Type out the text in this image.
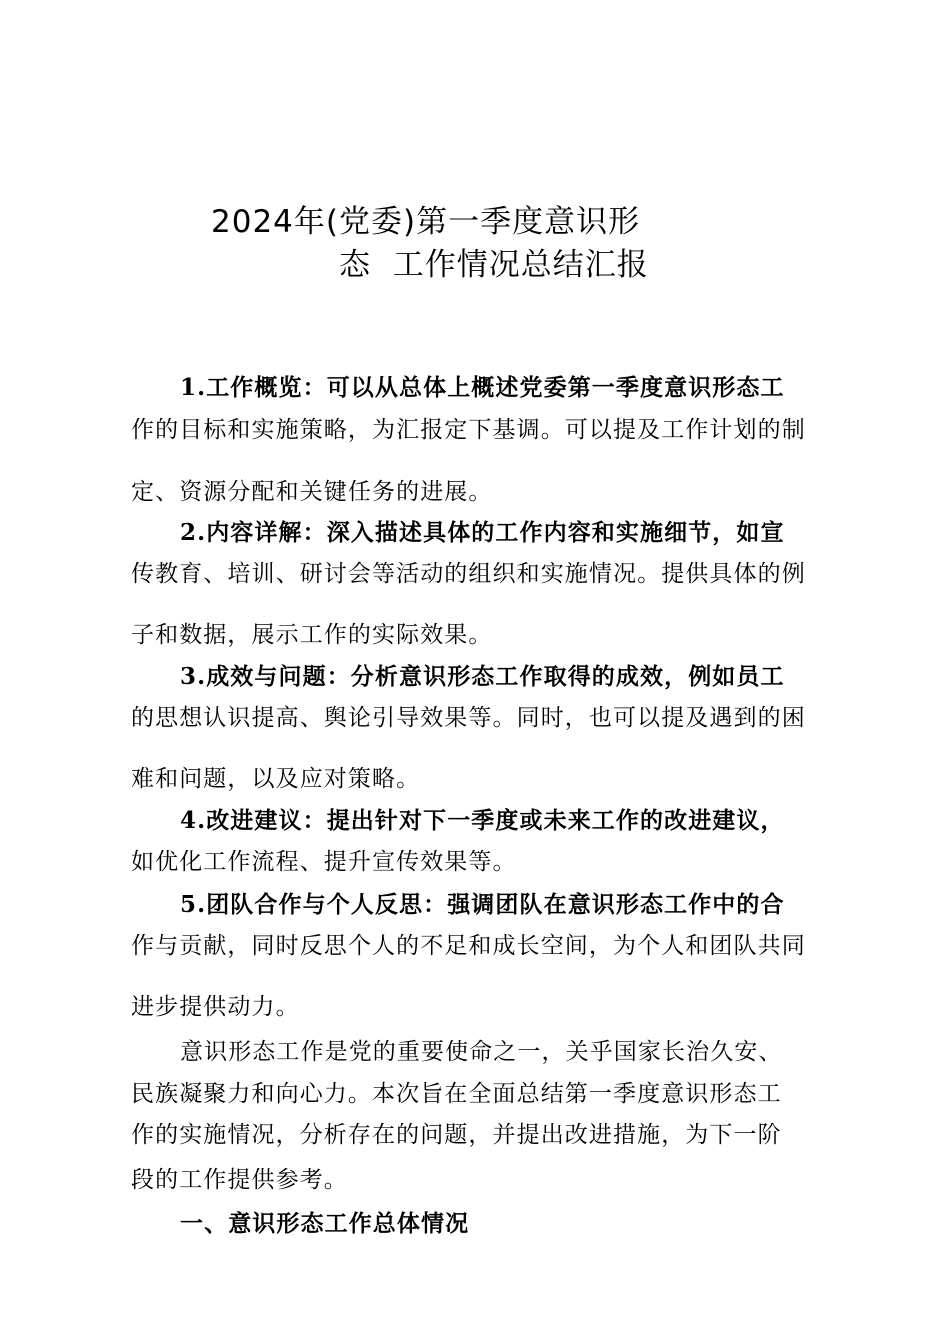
2024年(党委)第一季度意识形
态  工作情况总结汇报
1.工作概览：可以从总体上概述党委第一季度意识形态工
作的目标和实施策略，为汇报定下基调。可以提及工作计划的制
定、资源分配和关键任务的进展。
2.内容详解：深入描述具体的工作内容和实施细节，如宣
传教育、培训、研讨会等活动的组织和实施情况。提供具体的例
子和数据，展示工作的实际效果。
3.成效与问题：分析意识形态工作取得的成效，例如员工
的思想认识提高、舆论引导效果等。同时，也可以提及遇到的困
难和问题，以及应对策略。
4.改进建议：提出针对下一季度或未来工作的改进建议，
如优化工作流程、提升宣传效果等。
5.团队合作与个人反思：强调团队在意识形态工作中的合
作与贡献，同时反思个人的不足和成长空间，为个人和团队共同
进步提供动力。
意识形态工作是党的重要使命之一，关乎国家长治久安、
民族凝聚力和向心力。本次旨在全面总结第一季度意识形态工
作的实施情况，分析存在的问题，并提出改进措施，为下一阶
段的工作提供参考。
一、意识形态工作总体情况
